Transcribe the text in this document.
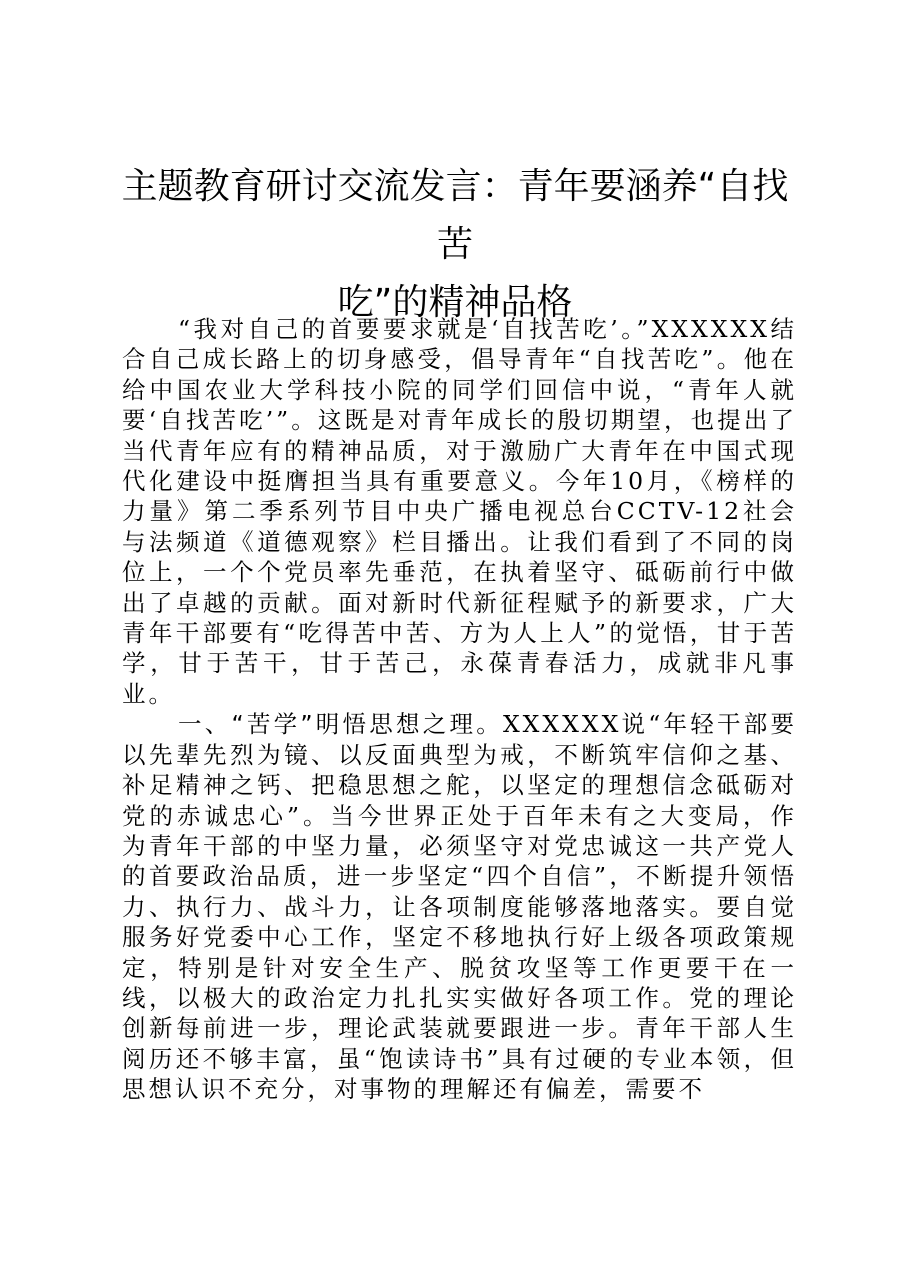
主题教育研讨交流发言：青年要涵养“自找苦
吃”的精神品格

“我对自己的首要要求就是‘自找苦吃’。”XXXXXX结合自己成长路上的切身感受，倡导青年“自找苦吃”。他在给中国农业大学科技小院的同学们回信中说，“青年人就要‘自找苦吃’”。这既是对青年成长的殷切期望，也提出了当代青年应有的精神品质，对于激励广大青年在中国式现代化建设中挺膺担当具有重要意义。今年10月，《榜样的力量》第二季系列节目中央广播电视总台CCTV-12社会与法频道《道德观察》栏目播出。让我们看到了不同的岗位上，一个个党员率先垂范，在执着坚守、砥砺前行中做出了卓越的贡献。面对新时代新征程赋予的新要求，广大青年干部要有“吃得苦中苦、方为人上人”的觉悟，甘于苦学，甘于苦干，甘于苦己，永葆青春活力，成就非凡事业。

一、“苦学”明悟思想之理。XXXXXX说“年轻干部要以先辈先烈为镜、以反面典型为戒，不断筑牢信仰之基、补足精神之钙、把稳思想之舵，以坚定的理想信念砥砺对党的赤诚忠心”。当今世界正处于百年未有之大变局，作为青年干部的中坚力量，必须坚守对党忠诚这一共产党人的首要政治品质，进一步坚定“四个自信”，不断提升领悟力、执行力、战斗力，让各项制度能够落地落实。要自觉服务好党委中心工作，坚定不移地执行好上级各项政策规定，特别是针对安全生产、脱贫攻坚等工作更要干在一线，以极大的政治定力扎扎实实做好各项工作。党的理论创新每前进一步，理论武装就要跟进一步。青年干部人生阅历还不够丰富，虽“饱读诗书”具有过硬的专业本领，但思想认识不充分，对事物的理解还有偏差，需要不
